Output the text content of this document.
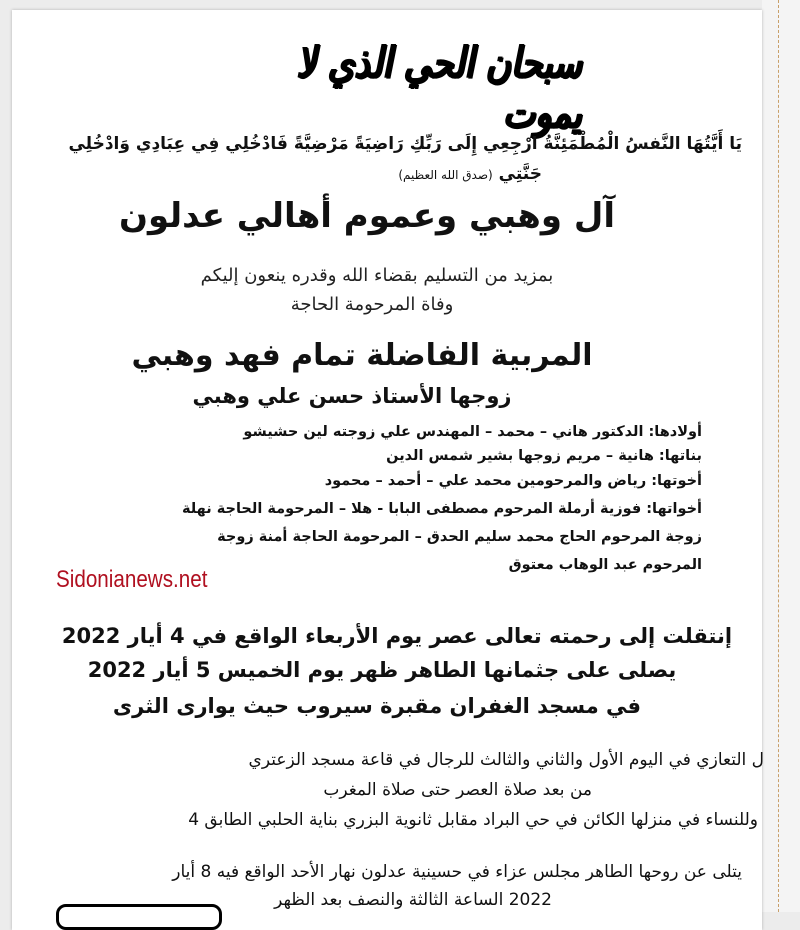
سبحان الحي الذي لا يموت
يَا أَيَّتُهَا النَّفسُ الْمُطْمَئِنَّةُ ارْجِعِي إِلَى رَبِّكِ رَاضِيَةً مَرْضِيَّةً فَادْخُلِي فِي عِبَادِي وَادْخُلِي
جَنَّتِي (صدق الله العظيم)
آل وهبي وعموم أهالي عدلون
بمزيد من التسليم بقضاء الله وقدره ينعون إليكم
وفاة المرحومة الحاجة
المربية الفاضلة تمام فهد وهبي
زوجها الأستاذ حسن علي وهبي
أولادها: الدكتور هاني – محمد – المهندس علي زوجته لين حشيشو
بناتها: هانية – مريم زوجها بشير شمس الدين
أخوتها: رياض والمرحومين محمد علي – أحمد – محمود
أخواتها: فوزية أرملة المرحوم مصطفى البابا - هلا – المرحومة الحاجة نهلة
زوجة المرحوم الحاج محمد سليم الحدق – المرحومة الحاجة أمنة زوجة
المرحوم عبد الوهاب معتوق
إنتقلت إلى رحمته تعالى عصر يوم الأربعاء الواقع في 4 أيار 2022
يصلى على جثمانها الطاهر ظهر يوم الخميس 5 أيار 2022
في مسجد الغفران مقبرة سيروب حيث يوارى الثرى
ل التعازي في اليوم الأول والثاني والثالث للرجال في قاعة مسجد الزعتري
من بعد صلاة العصر حتى صلاة المغرب
وللنساء في منزلها الكائن في حي البراد مقابل ثانوية البزري بناية الحلبي الطابق 4
يتلى عن روحها الطاهر مجلس عزاء في حسينية عدلون نهار الأحد الواقع فيه 8 أيار
2022 الساعة الثالثة والنصف بعد الظهر
Sidonianews.net
